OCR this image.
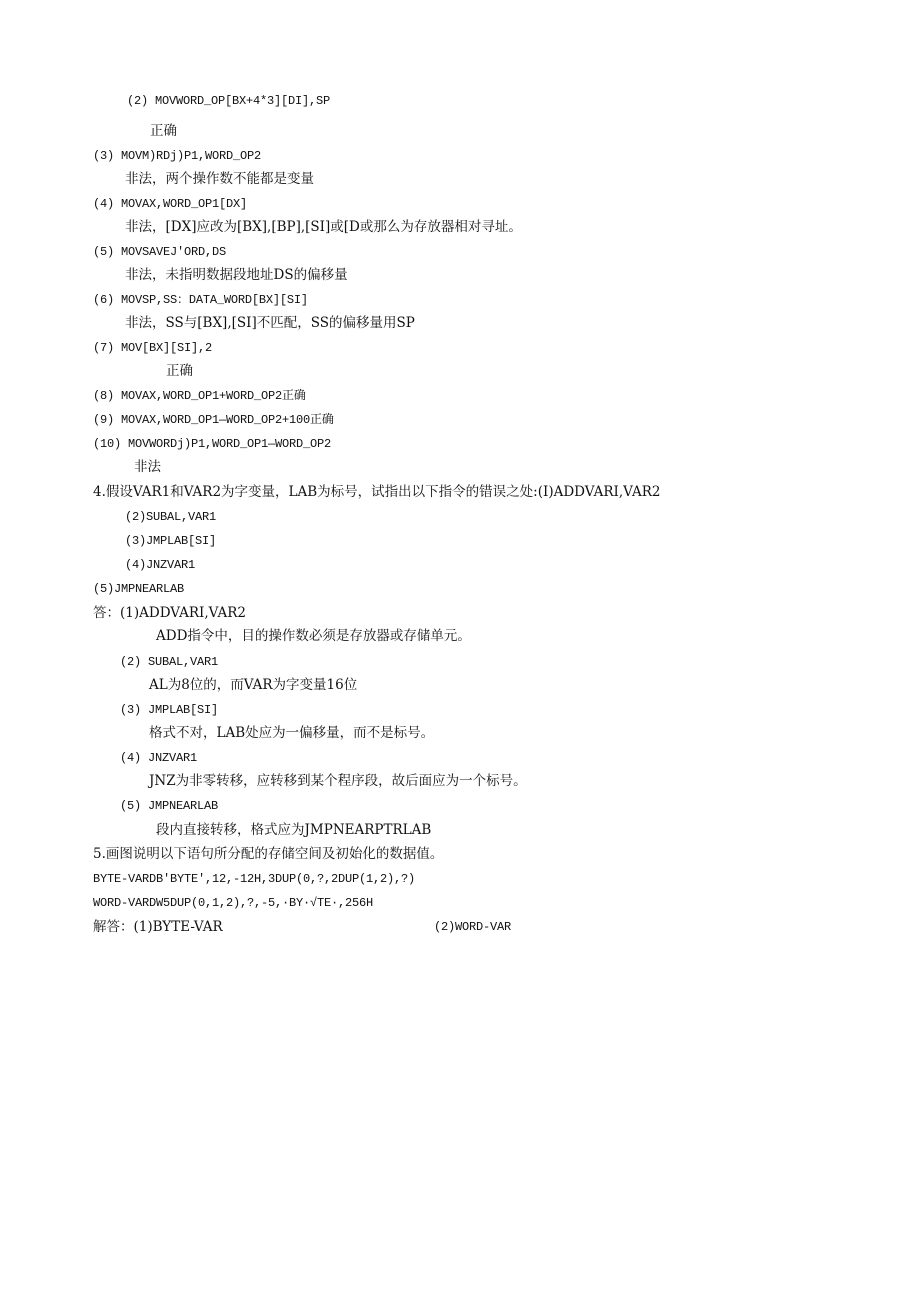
(2) MOVWORD_OP[BX+4*3][DI],SP
正确
(3) MOVM)RDj)P1,WORD_OP2
非法，两个操作数不能都是变量
(4) MOVAX,WORD_OP1[DX]
非法，[DX]应改为[BX],[BP],[SI]或[D或那么为存放器相对寻址。
(5) MOVSAVEJ'ORD,DS
非法，未指明数据段地址DS的偏移量
(6) MOVSP,SS：DATA_WORD[BX][SI]
非法，SS与[BX],[SI]不匹配，SS的偏移量用SP
(7) MOV[BX][SI],2
正确
(8) MOVAX,WORD_OP1+WORD_OP2正确
(9) MOVAX,WORD_OP1—WORD_OP2+100正确
(10) MOVWORDj)P1,WORD_OP1—WORD_OP2
非法
4.假设VAR1和VAR2为字变量，LAB为标号，试指出以下指令的错误之处:(I)ADDVARI,VAR2
(2)SUBAL,VAR1
(3)JMPLAB[SI]
(4)JNZVAR1
(5)JMPNEARLAB
答：(1)ADDVARI,VAR2
ADD指令中，目的操作数必须是存放器或存储单元。
(2) SUBAL,VAR1
AL为8位的，而VAR为字变量16位
(3) JMPLAB[SI]
格式不对，LAB处应为一偏移量，而不是标号。
(4) JNZVAR1
JNZ为非零转移，应转移到某个程序段，故后面应为一个标号。
(5) JMPNEARLAB
段内直接转移，格式应为JMPNEARPTRLAB
5.画图说明以下语句所分配的存储空间及初始化的数据值。
BYTE-VARDB'BYTE',12,-12H,3DUP(0,?,2DUP(1,2),?)
WORD-VARDW5DUP(0,1,2),?,-5,·BY·√TE·,256H
解答：(1)BYTE-VAR	(2)WORD-VAR
